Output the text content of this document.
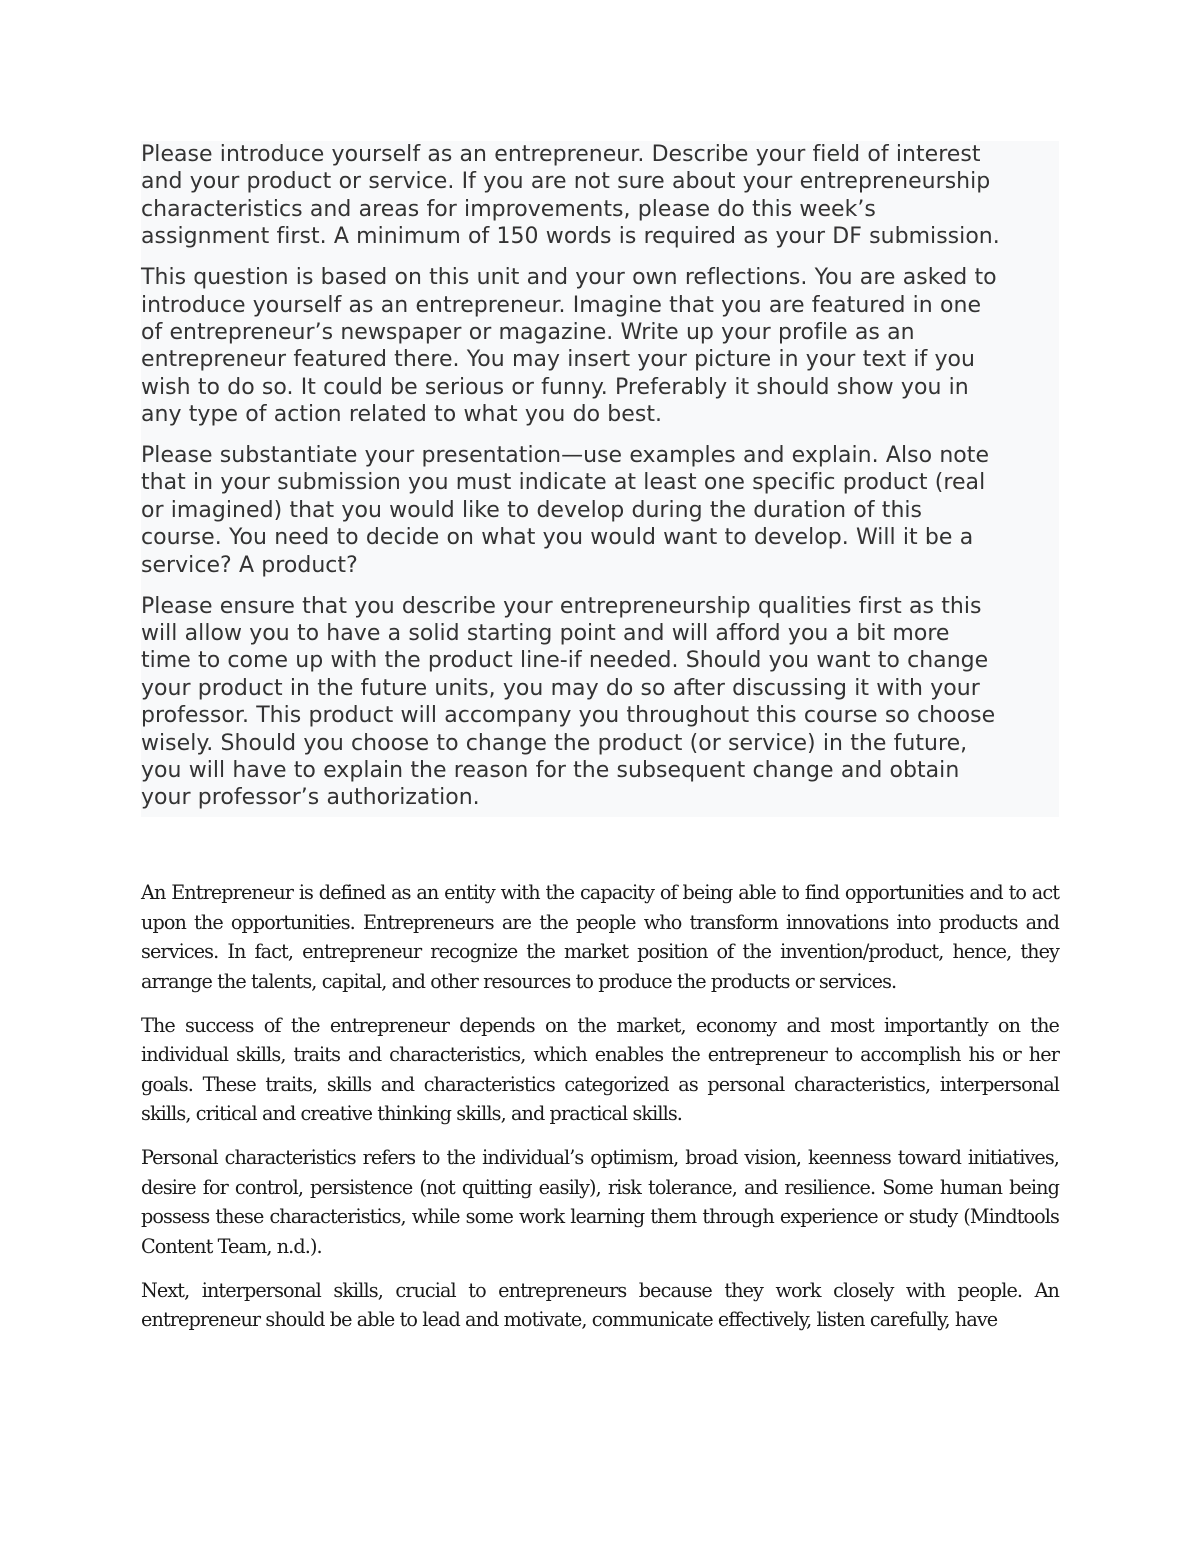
Please introduce yourself as an entrepreneur. Describe your field of interest
and your product or service. If you are not sure about your entrepreneurship
characteristics and areas for improvements, please do this week’s
assignment first. A minimum of 150 words is required as your DF submission.

This question is based on this unit and your own reflections. You are asked to
introduce yourself as an entrepreneur. Imagine that you are featured in one
of entrepreneur’s newspaper or magazine. Write up your profile as an
entrepreneur featured there. You may insert your picture in your text if you
wish to do so. It could be serious or funny. Preferably it should show you in
any type of action related to what you do best.

Please substantiate your presentation—use examples and explain. Also note
that in your submission you must indicate at least one specific product (real
or imagined) that you would like to develop during the duration of this
course. You need to decide on what you would want to develop. Will it be a
service? A product?

Please ensure that you describe your entrepreneurship qualities first as this
will allow you to have a solid starting point and will afford you a bit more
time to come up with the product line-if needed. Should you want to change
your product in the future units, you may do so after discussing it with your
professor. This product will accompany you throughout this course so choose
wisely. Should you choose to change the product (or service) in the future,
you will have to explain the reason for the subsequent change and obtain
your professor’s authorization.

An Entrepreneur is defined as an entity with the capacity of being able to find opportunities and to act upon the opportunities. Entrepreneurs are the people who transform innovations into products and services. In fact, entrepreneur recognize the market position of the invention/product, hence, they arrange the talents, capital, and other resources to produce the products or services.

The success of the entrepreneur depends on the market, economy and most importantly on the individual skills, traits and characteristics, which enables the entrepreneur to accomplish his or her goals. These traits, skills and characteristics categorized as personal characteristics, interpersonal skills, critical and creative thinking skills, and practical skills.

Personal characteristics refers to the individual’s optimism, broad vision, keenness toward initiatives, desire for control, persistence (not quitting easily), risk tolerance, and resilience. Some human being possess these characteristics, while some work learning them through experience or study (Mindtools Content Team, n.d.).

Next, interpersonal skills, crucial to entrepreneurs because they work closely with people. An entrepreneur should be able to lead and motivate, communicate effectively, listen carefully, have
